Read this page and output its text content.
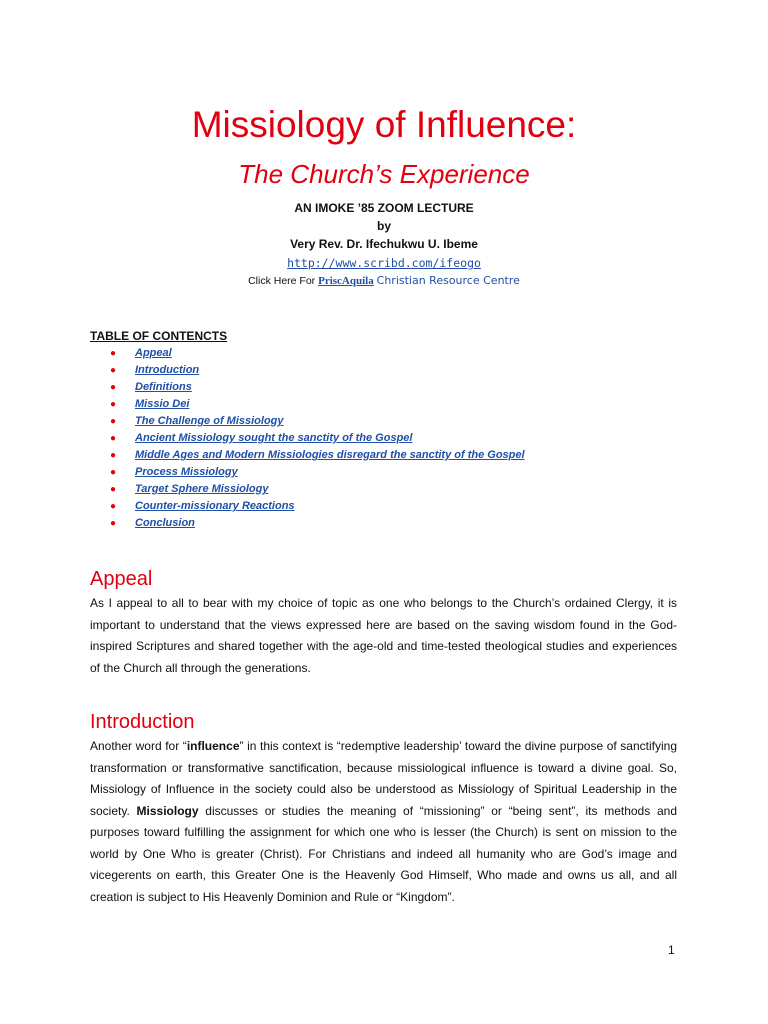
Missiology of Influence:
The Church’s Experience
AN IMOKE ’85 ZOOM LECTURE
by
Very Rev. Dr. Ifechukwu U. Ibeme
http://www.scribd.com/ifeogo
Click Here For PriscAquila Christian Resource Centre
TABLE OF CONTENCTS
●	Appeal
●	Introduction
●	Definitions
●	Missio Dei
●	The Challenge of Missiology
●	Ancient Missiology sought the sanctity of the Gospel
●	Middle Ages and Modern Missiologies disregard the sanctity of the Gospel
●	Process Missiology
●	Target Sphere Missiology
●	Counter-missionary Reactions
●	Conclusion
Appeal
As I appeal to all to bear with my choice of topic as one who belongs to the Church’s ordained Clergy, it is important to understand that the views expressed here are based on the saving wisdom found in the God-inspired Scriptures and shared together with the age-old and time-tested theological studies and experiences of the Church all through the generations.
Introduction
Another word for “influence” in this context is “redemptive leadership’ toward the divine purpose of sanctifying transformation or transformative sanctification, because missiological influence is toward a divine goal. So, Missiology of Influence in the society could also be understood as Missiology of Spiritual Leadership in the society. Missiology discusses or studies the meaning of “missioning” or “being sent”, its methods and purposes toward fulfilling the assignment for which one who is lesser (the Church) is sent on mission to the world by One Who is greater (Christ). For Christians and indeed all humanity who are God’s image and vicegerents on earth, this Greater One is the Heavenly God Himself, Who made and owns us all, and all creation is subject to His Heavenly Dominion and Rule or “Kingdom”.
1
